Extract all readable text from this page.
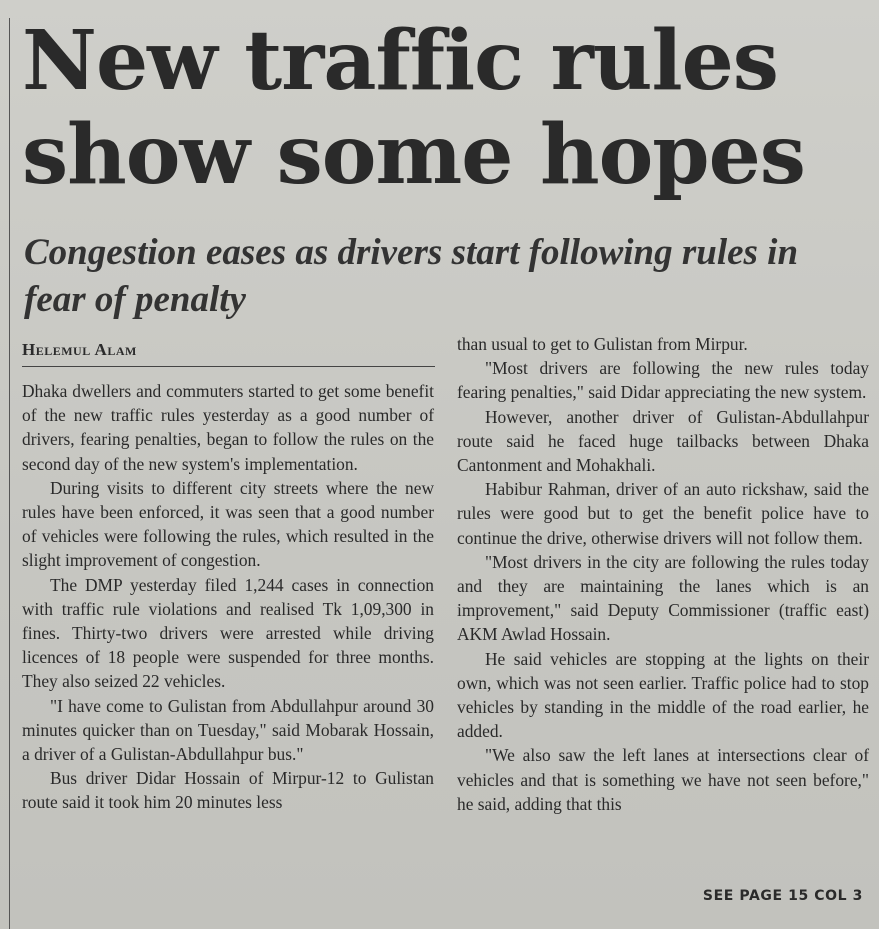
New traffic rules show some hopes
Congestion eases as drivers start following rules in fear of penalty
Helemul Alam

Dhaka dwellers and commuters started to get some benefit of the new traffic rules yesterday as a good number of drivers, fearing penalties, began to follow the rules on the second day of the new system's implementation.

During visits to different city streets where the new rules have been enforced, it was seen that a good number of vehicles were following the rules, which resulted in the slight improvement of congestion.

The DMP yesterday filed 1,244 cases in connection with traffic rule violations and realised Tk 1,09,300 in fines. Thirty-two drivers were arrested while driving licences of 18 people were suspended for three months. They also seized 22 vehicles.

"I have come to Gulistan from Abdullahpur around 30 minutes quicker than on Tuesday," said Mobarak Hossain, a driver of a Gulistan-Abdullahpur bus."

Bus driver Didar Hossain of Mirpur-12 to Gulistan route said it took him 20 minutes less

than usual to get to Gulistan from Mirpur.

"Most drivers are following the new rules today fearing penalties," said Didar appreciating the new system.

However, another driver of Gulistan-Abdullahpur route said he faced huge tailbacks between Dhaka Cantonment and Mohakhali.

Habibur Rahman, driver of an auto rickshaw, said the rules were good but to get the benefit police have to continue the drive, otherwise drivers will not follow them.

"Most drivers in the city are following the rules today and they are maintaining the lanes which is an improvement," said Deputy Commissioner (traffic east) AKM Awlad Hossain.

He said vehicles are stopping at the lights on their own, which was not seen earlier. Traffic police had to stop vehicles by standing in the middle of the road earlier, he added.

"We also saw the left lanes at intersections clear of vehicles and that is something we have not seen before," he said, adding that this

SEE PAGE 15 COL 3
